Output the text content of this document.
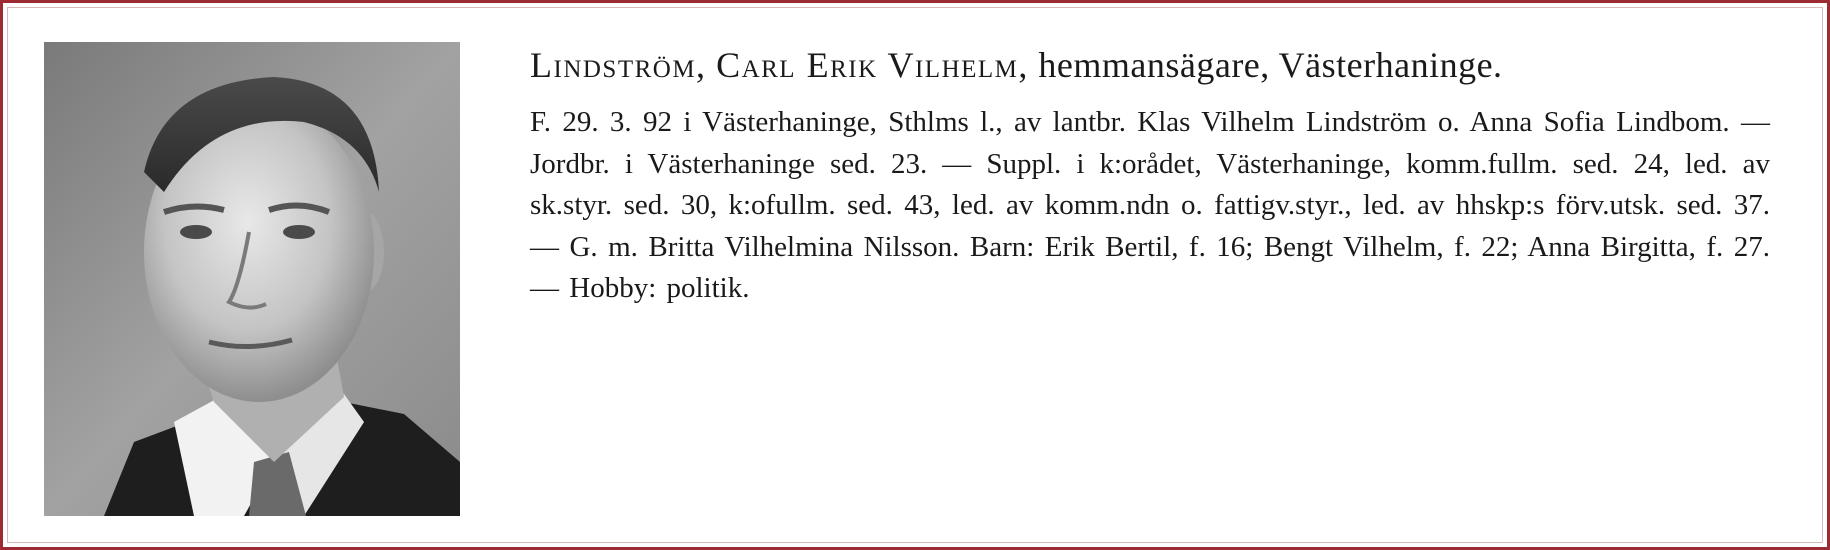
Lindström, Carl Erik Vilhelm, hemmansägare, Västerhaninge.

F. 29. 3. 92 i Västerhaninge, Sthlms l., av lantbr. Klas Vilhelm Lindström o. Anna Sofia Lindbom. — Jordbr. i Västerhaninge sed. 23. — Suppl. i k:orådet, Västerhaninge, komm.fullm. sed. 24, led. av sk.styr. sed. 30, k:ofullm. sed. 43, led. av komm.ndn o. fattigv.styr., led. av hhskp:s förv.utsk. sed. 37. — G. m. Britta Vilhelmina Nilsson. Barn: Erik Bertil, f. 16; Bengt Vilhelm, f. 22; Anna Birgitta, f. 27. — Hobby: politik.
